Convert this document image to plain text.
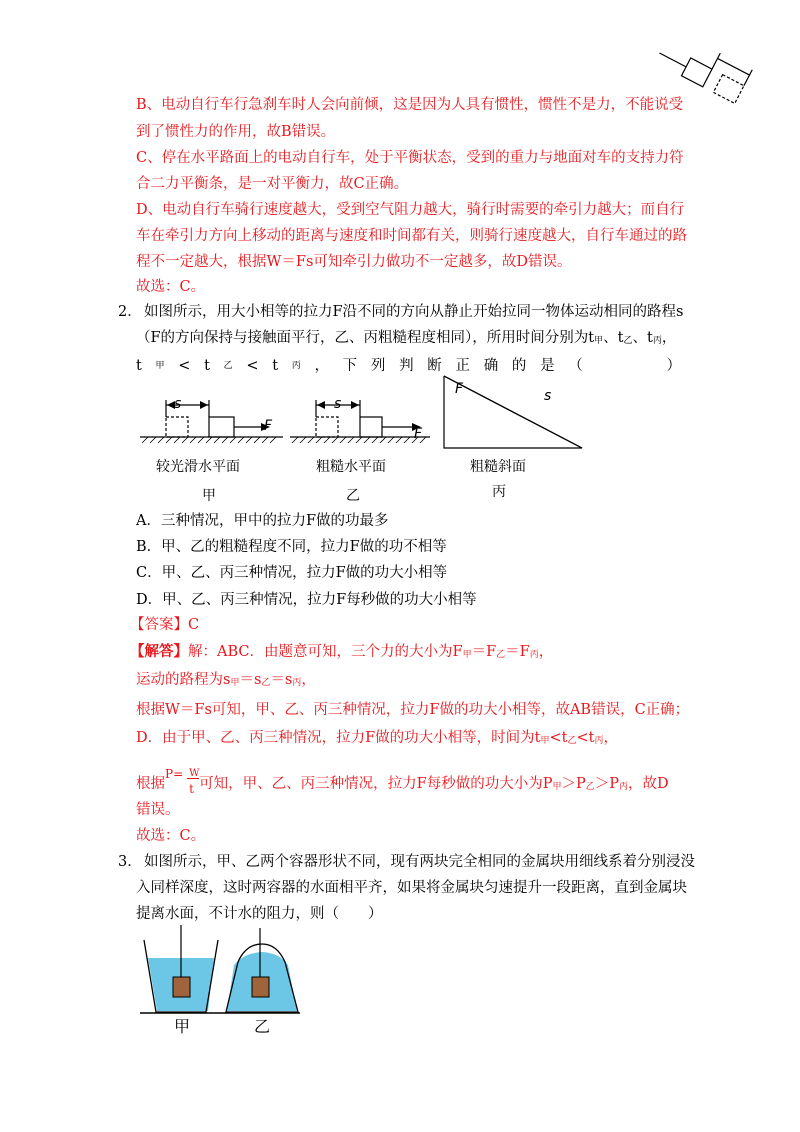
B、电动自行车行急刹车时人会向前倾，这是因为人具有惯性，惯性不是力，不能说受
到了惯性力的作用，故B错误。
C、停在水平路面上的电动自行车，处于平衡状态，受到的重力与地面对车的支持力符
合二力平衡条，是一对平衡力，故C正确。
D、电动自行车骑行速度越大，受到空气阻力越大，骑行时需要的牵引力越大；而自行
车在牵引力方向上移动的距离与速度和时间都有关，则骑行速度越大，自行车通过的路
程不一定越大，根据W＝Fs可知牵引力做功不一定越多，故D错误。
故选：C。
2． 如图所示，用大小相等的拉力F沿不同的方向从静止开始拉同一物体运动相同的路程s
（F的方向保持与接触面平行，乙、丙粗糙程度相同），所用时间分别为t甲、t乙、t丙，
t 甲 < t 乙 < t 丙 ， 下 列 判 断 正 确 的 是 （	）
s
F
s
F
F	s
较光滑水平面	粗糙水平面	粗糙斜面
甲	乙	丙
A．三种情况，甲中的拉力F做的功最多
B．甲、乙的粗糙程度不同，拉力F做的功不相等
C．甲、乙、丙三种情况，拉力F做的功大小相等
D．甲、乙、丙三种情况，拉力F每秒做的功大小相等
【答案】C
【解答】解：ABC．由题意可知，三个力的大小为F甲＝F乙＝F丙，
运动的路程为s甲＝s乙＝s丙，
根据W＝Fs可知，甲、乙、丙三种情况，拉力F做的功大小相等，故AB错误，C正确；
D．由于甲、乙、丙三种情况，拉力F做的功大小相等，时间为t甲<t乙<t丙，
根据$^{P=} \frac{W}{t}$ 可知，甲、乙、丙三种情况，拉力F每秒做的功大小为P甲＞P乙＞P丙，故D
错误。
故选：C。
3． 如图所示，甲、乙两个容器形状不同，现有两块完全相同的金属块用细线系着分别浸没
入同样深度，这时两容器的水面相平齐，如果将金属块匀速提升一段距离，直到金属块
提离水面，不计水的阻力，则（　　）
甲	乙
